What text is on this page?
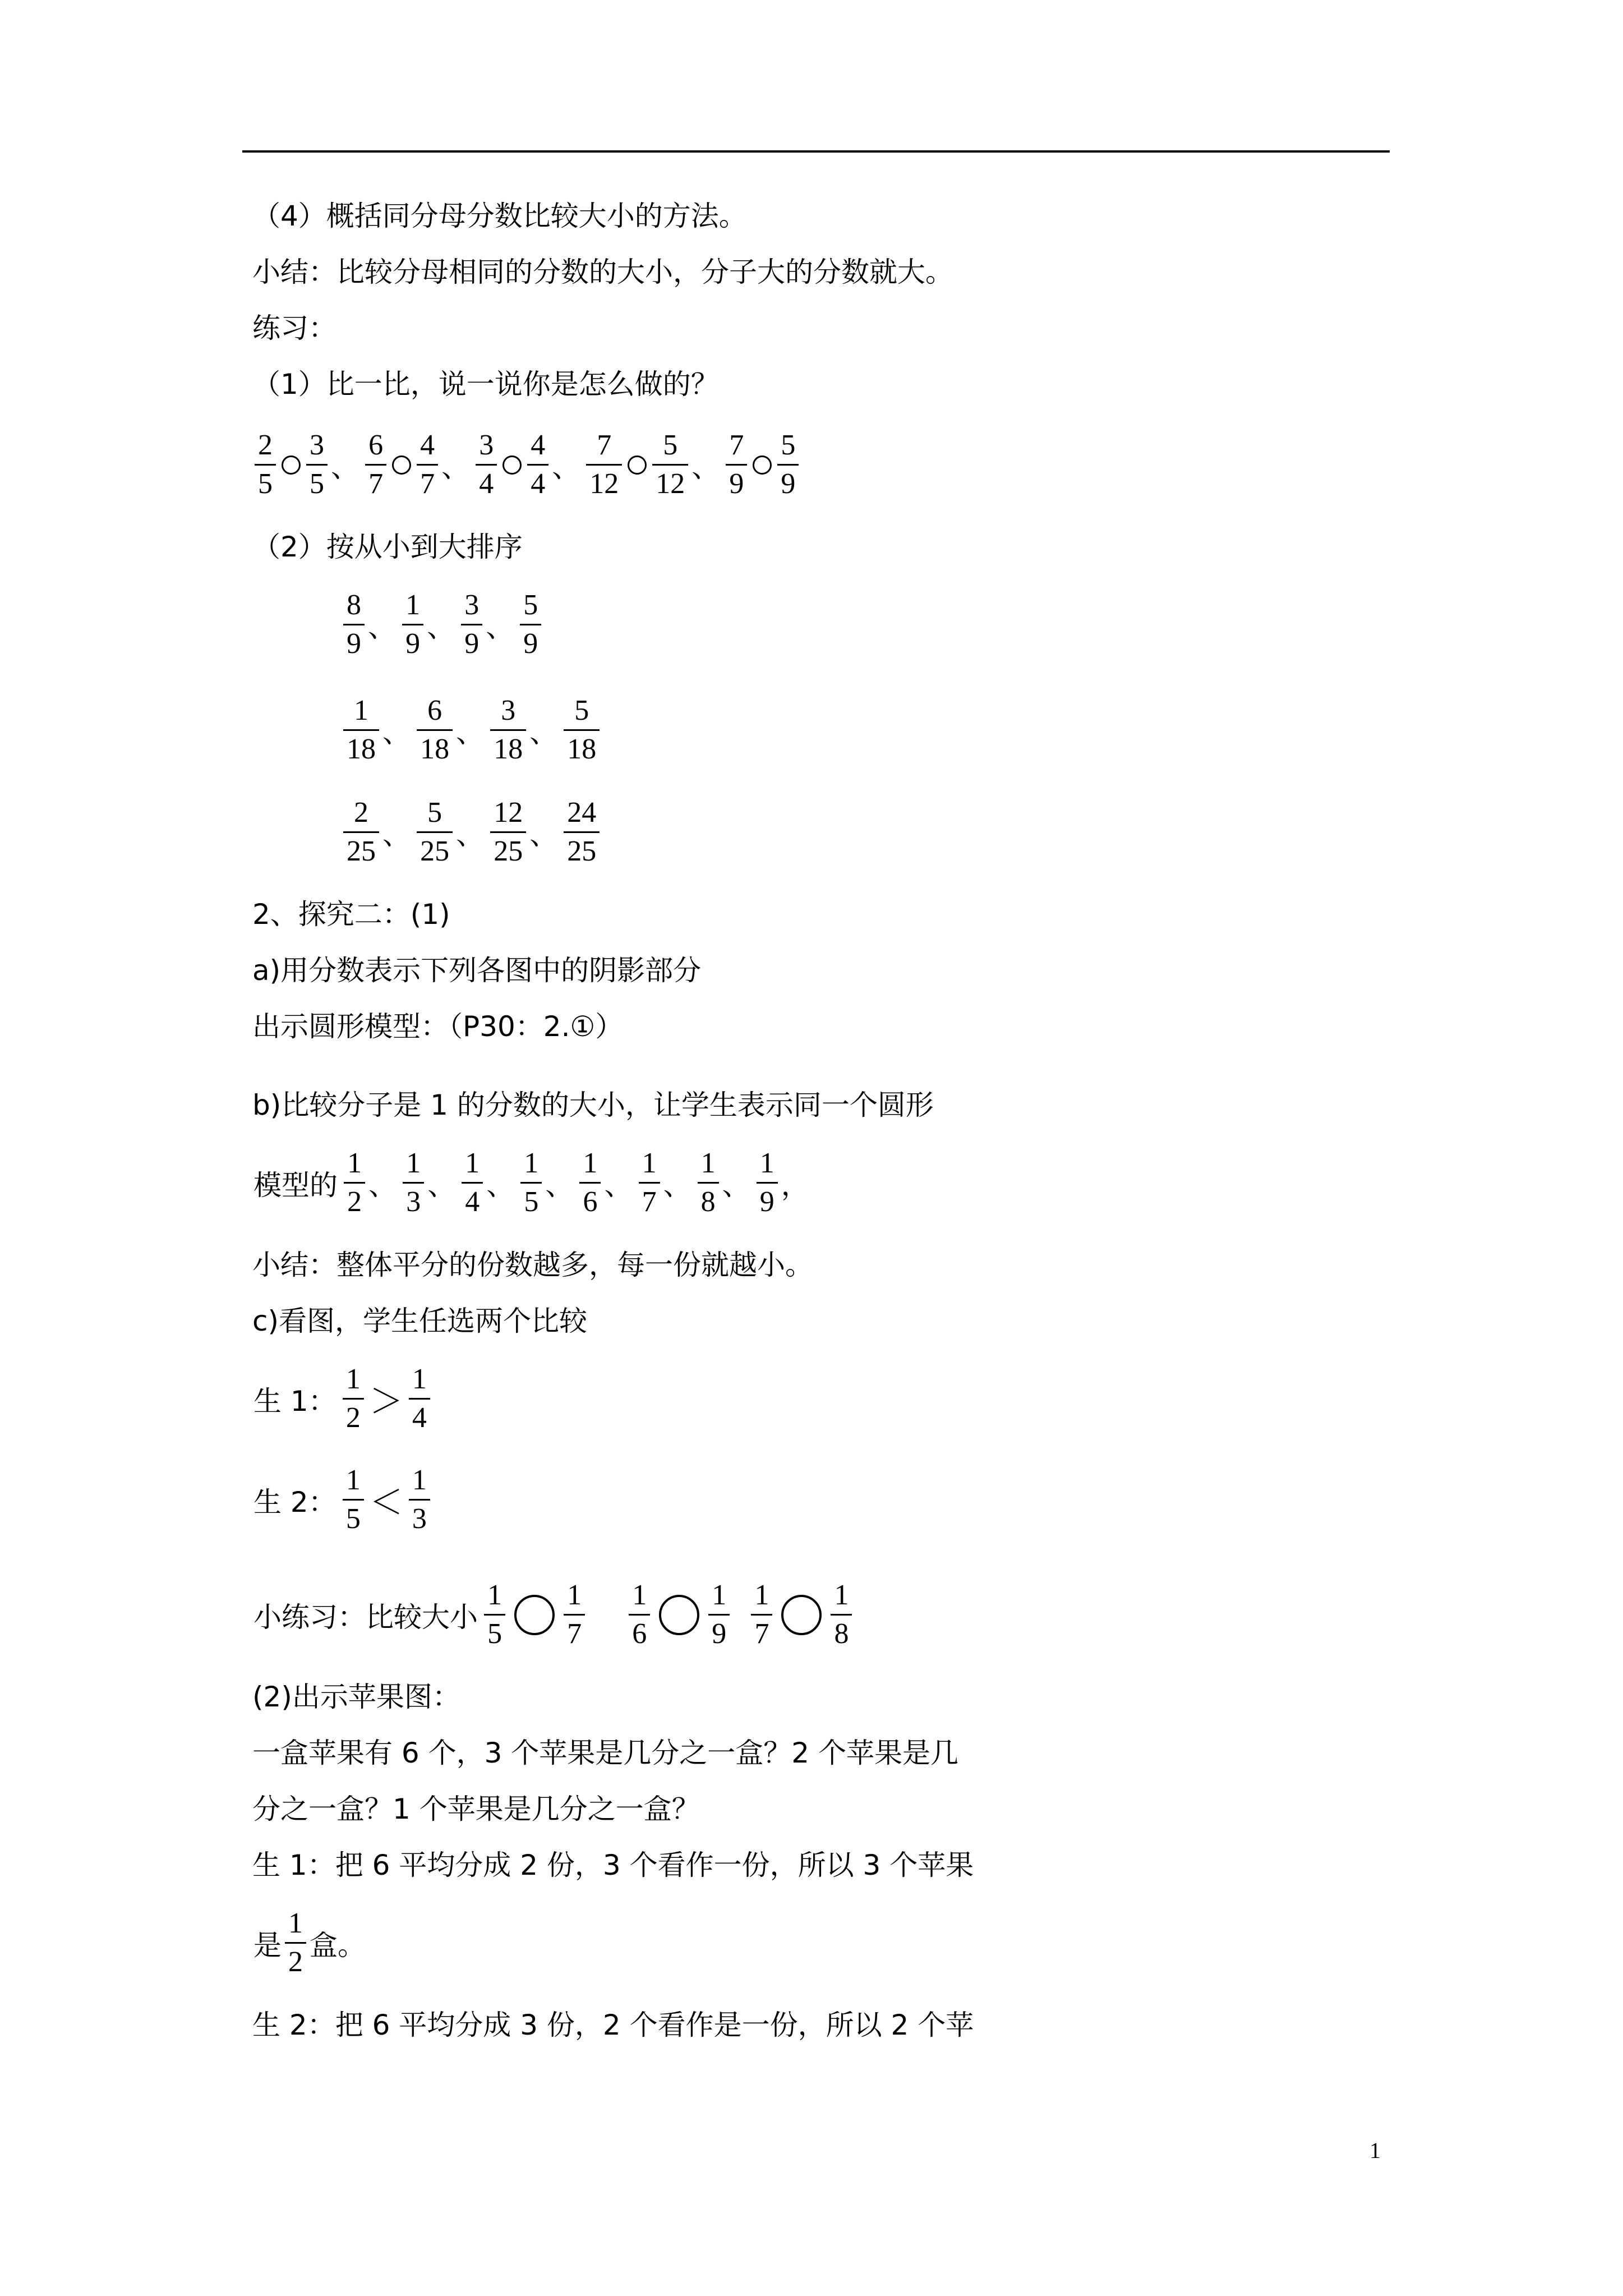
（4）概括同分母分数比较大小的方法。
小结：比较分母相同的分数的大小，分子大的分数就大。
练习：
（1）比一比，说一说你是怎么做的？
$\frac{2}{5} \frac{3}{5}$ 、 $\frac{6}{7} \frac{4}{7}$ 、 $\frac{3}{4} \frac{4}{4}$ 、 $\frac{7}{12} \frac{5}{12}$ 、 $\frac{7}{9} \frac{5}{9}$
（2）按从小到大排序
$\frac{8}{9}$ 、 $\frac{1}{9}$ 、 $\frac{3}{9}$ 、 $\frac{5}{9}$
$\frac{1}{18}$ 、 $\frac{6}{18}$ 、 $\frac{3}{18}$ 、 $\frac{5}{18}$
$\frac{2}{25}$ 、 $\frac{5}{25}$ 、 $\frac{12}{25}$ 、 $\frac{24}{25}$
2、探究二：(1)
a)用分数表示下列各图中的阴影部分
出示圆形模型：（P30：2.①）
b)比较分子是 1 的分数的大小，让学生表示同一个圆形
模型的 $\frac{1}{2}$ 、 $\frac{1}{3}$ 、 $\frac{1}{4}$ 、 $\frac{1}{5}$ 、 $\frac{1}{6}$ 、 $\frac{1}{7}$ 、 $\frac{1}{8}$ 、 $\frac{1}{9}$ ，
小结：整体平分的份数越多，每一份就越小。
c)看图，学生任选两个比较
生 1： $\frac{1}{2} > \frac{1}{4}$
生 2： $\frac{1}{5} < \frac{1}{3}$
小练习：比较大小 $\frac{1}{5} \frac{1}{7}$
$\frac{1}{6} \frac{1}{9}$
$\frac{1}{7} \frac{1}{8}$
(2)出示苹果图：
一盒苹果有 6 个，3 个苹果是几分之一盒？2 个苹果是几
分之一盒？1 个苹果是几分之一盒？
生 1：把 6 平均分成 2 份，3 个看作一份，所以 3 个苹果
是 $\frac{1}{2}$ 盒。
生 2：把 6 平均分成 3 份，2 个看作是一份，所以 2 个苹
1
